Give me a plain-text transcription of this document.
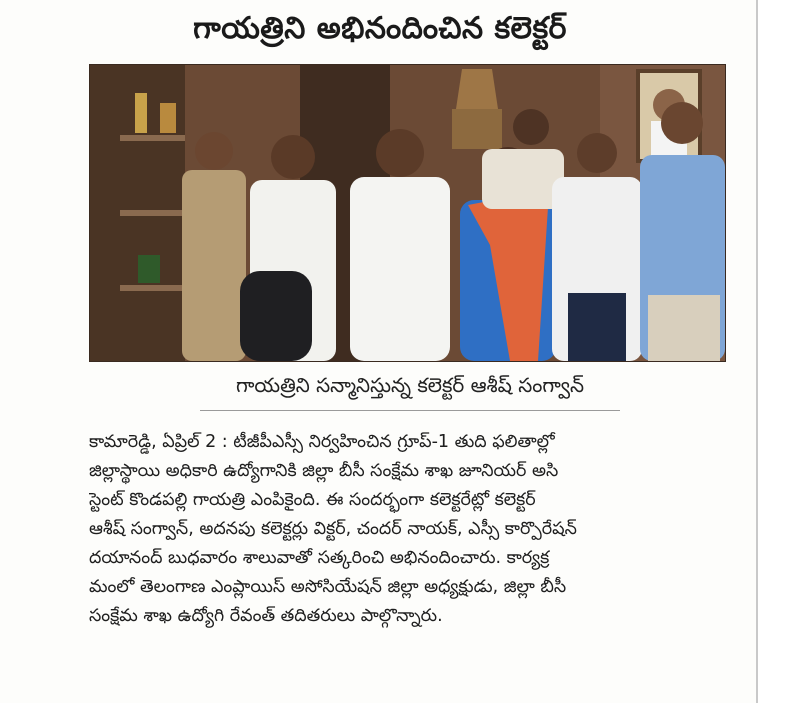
గాయత్రిని అభినందించిన కలెక్టర్
గాయత్రిని సన్మానిస్తున్న కలెక్టర్ ఆశీష్ సంగ్వాన్
కామారెడ్డి, ఏప్రిల్ 2 : టీజీపీఎస్సీ నిర్వహించిన గ్రూప్-1 తుది ఫలితాల్లో
జిల్లాస్థాయి అధికారి ఉద్యోగానికి జిల్లా బీసీ సంక్షేమ శాఖ జూనియర్ అసి
స్టెంట్ కొండపల్లి గాయత్రి ఎంపికైంది. ఈ సందర్భంగా కలెక్టరేట్లో కలెక్టర్
ఆశీష్ సంగ్వాన్, అదనపు కలెక్టర్లు విక్టర్, చందర్ నాయక్, ఎస్సీ కార్పొరేషన్
దయానంద్ బుధవారం శాలువాతో సత్కరించి అభినందించారు. కార్యక్ర
మంలో తెలంగాణ ఎంప్లాయిస్ అసోసియేషన్ జిల్లా అధ్యక్షుడు, జిల్లా బీసీ
సంక్షేమ శాఖ ఉద్యోగి రేవంత్ తదితరులు పాల్గొన్నారు.
